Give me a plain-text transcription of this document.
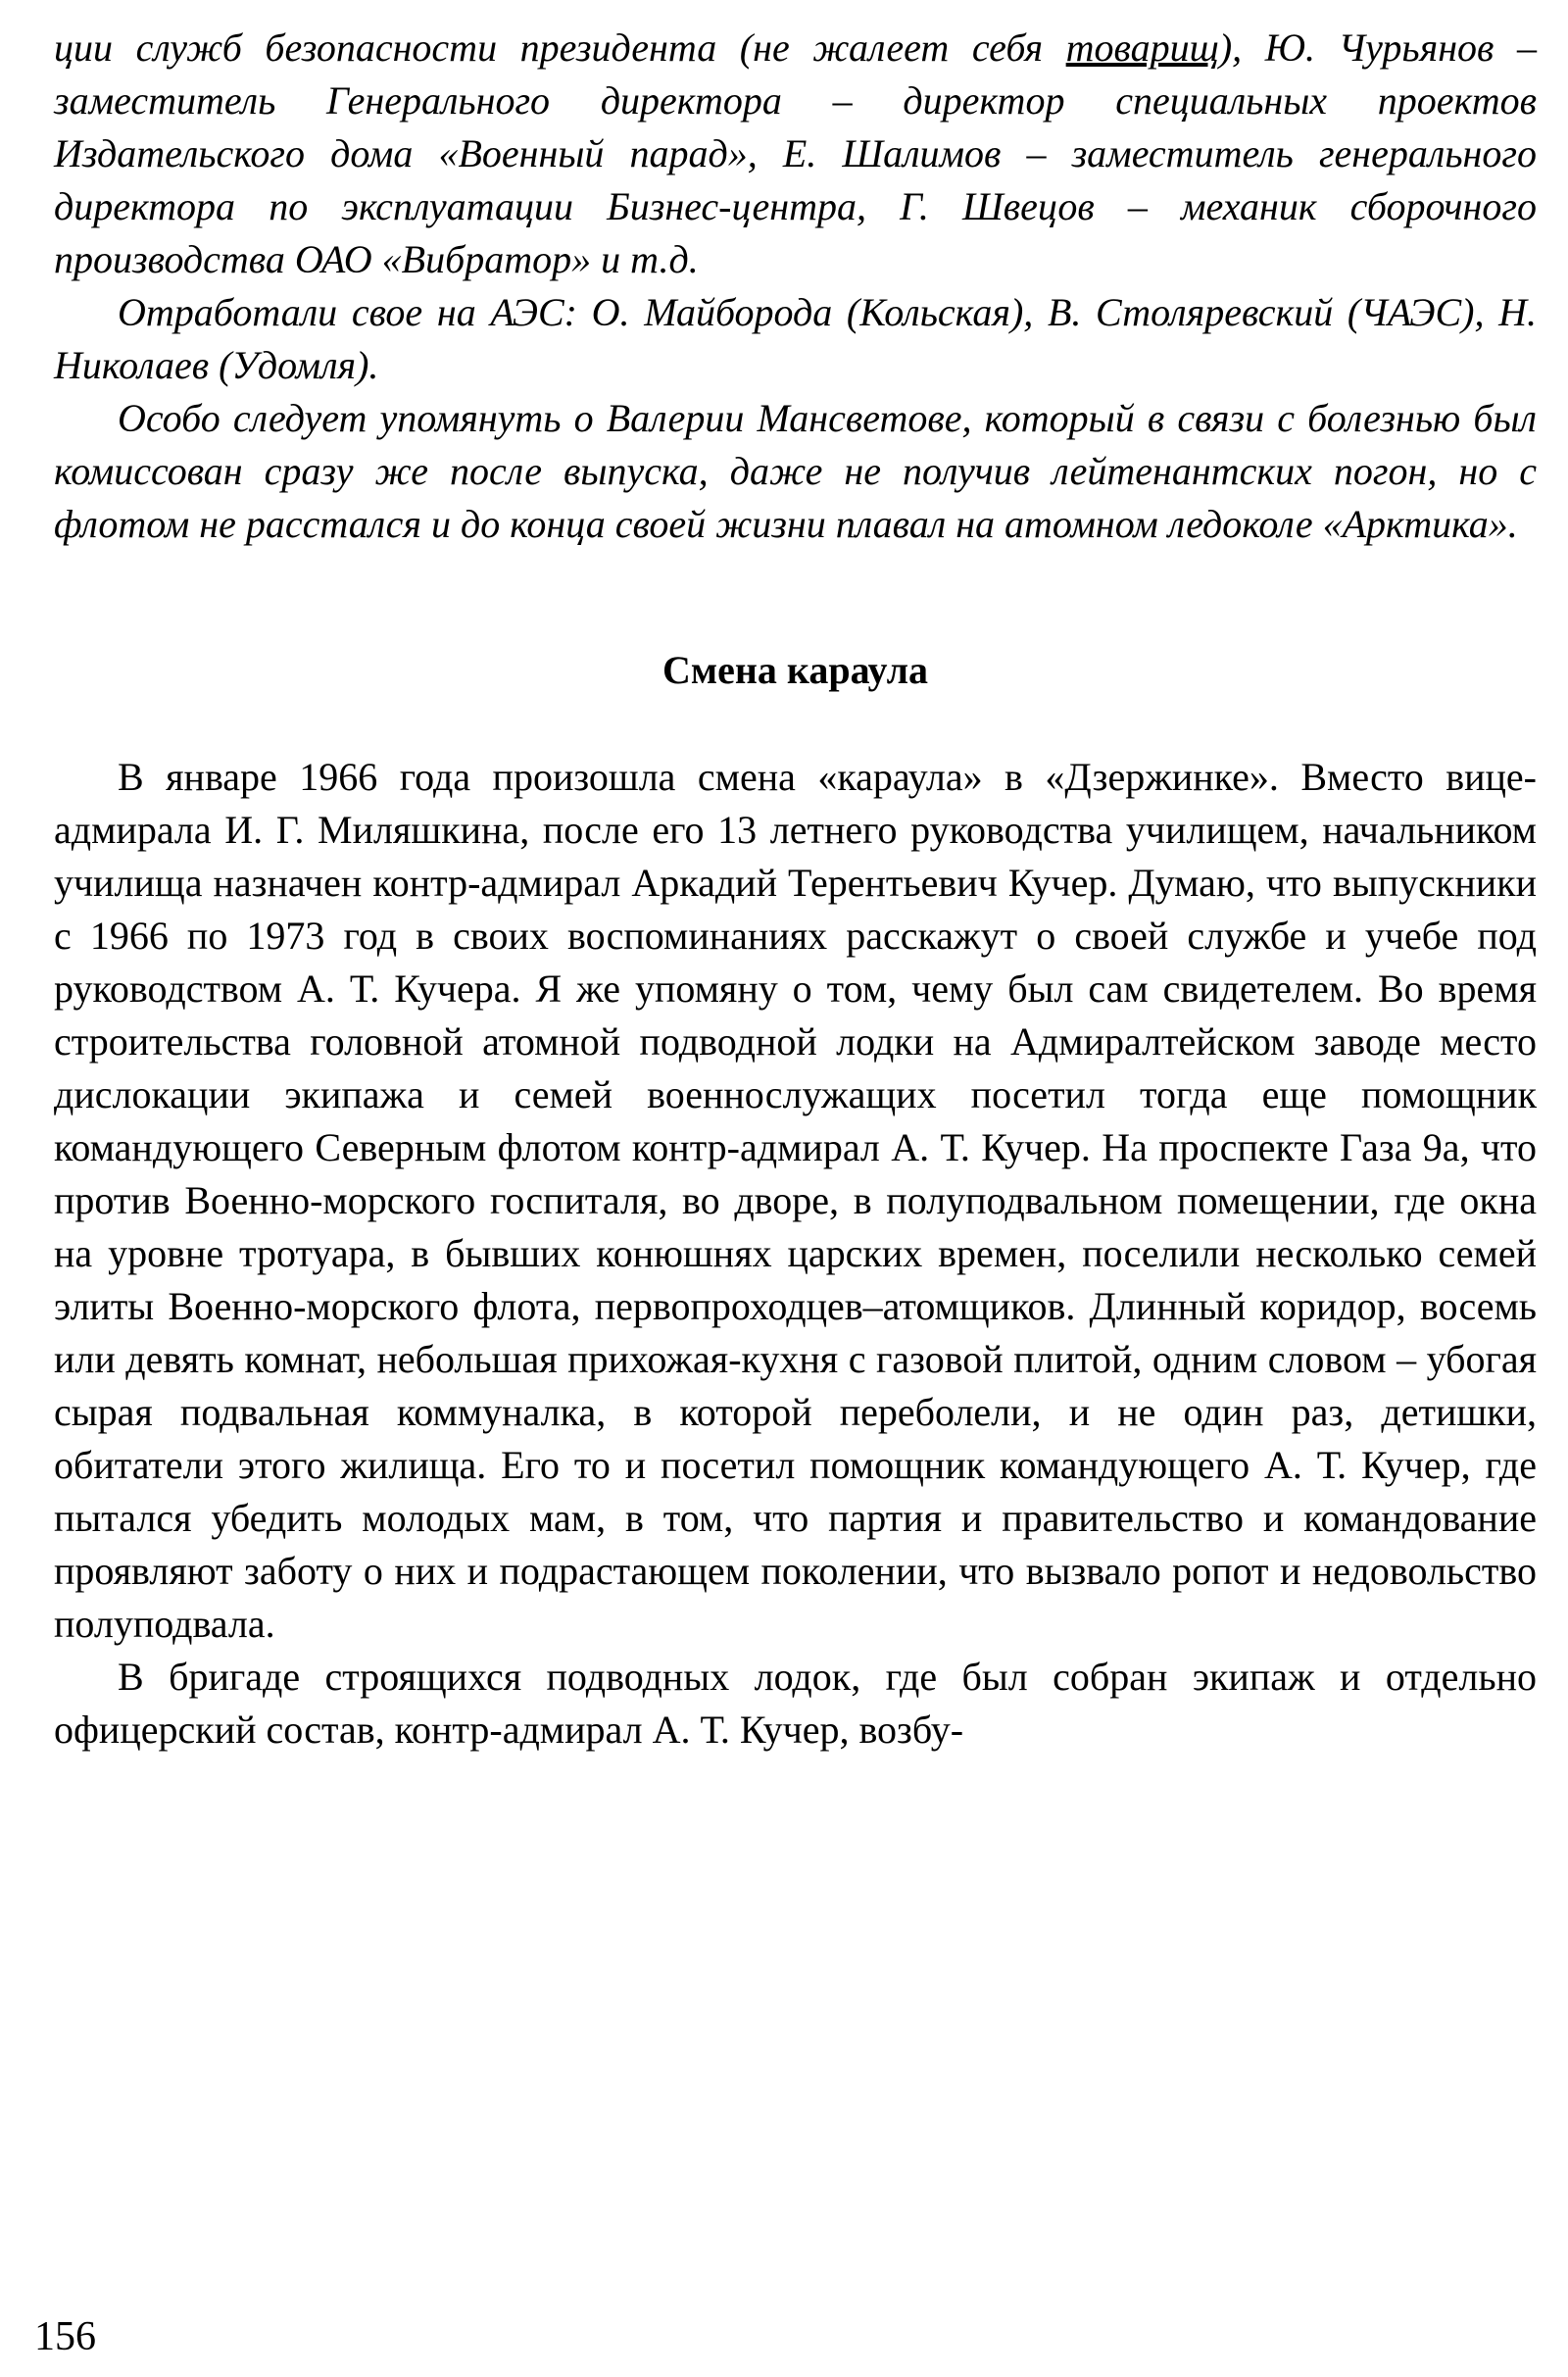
ции служб безопасности президента (не жалеет себя товарищ), Ю. Чурьянов – заместитель Генерального директора – директор специальных проектов Издательского дома «Военный парад», Е. Шалимов – заместитель генерального директора по эксплуатации Бизнес-центра, Г. Швецов – механик сборочного производства ОАО «Вибратор» и т.д.

Отработали свое на АЭС: О. Майборода (Кольская), В. Столяревский (ЧАЭС), Н. Николаев (Удомля).

Особо следует упомянуть о Валерии Мансветове, который в связи с болезнью был комиссован сразу же после выпуска, даже не получив лейтенантских погон, но с флотом не расстался и до конца своей жизни плавал на атомном ледоколе «Арктика».

Смена караула

В январе 1966 года произошла смена «караула» в «Дзержинке». Вместо вице-адмирала И. Г. Миляшкина, после его 13 летнего руководства училищем, начальником училища назначен контр-адмирал Аркадий Терентьевич Кучер. Думаю, что выпускники с 1966 по 1973 год в своих воспоминаниях расскажут о своей службе и учебе под руководством А. Т. Кучера. Я же упомяну о том, чему был сам свидетелем. Во время строительства головной атомной подводной лодки на Адмиралтейском заводе место дислокации экипажа и семей военнослужащих посетил тогда еще помощник командующего Северным флотом контр-адмирал А. Т. Кучер. На проспекте Газа 9а, что против Военно-морского госпиталя, во дворе, в полуподвальном помещении, где окна на уровне тротуара, в бывших конюшнях царских времен, поселили несколько семей элиты Военно-морского флота, первопроходцев–атомщиков. Длинный коридор, восемь или девять комнат, небольшая прихожая-кухня с газовой плитой, одним словом – убогая сырая подвальная коммуналка, в которой переболели, и не один раз, детишки, обитатели этого жилища. Его то и посетил помощник командующего А. Т. Кучер, где пытался убедить молодых мам, в том, что партия и правительство и командование проявляют заботу о них и подрастающем поколении, что вызвало ропот и недовольство полуподвала.

В бригаде строящихся подводных лодок, где был собран экипаж и отдельно офицерский состав, контр-адмирал А. Т. Кучер, возбу-

156
